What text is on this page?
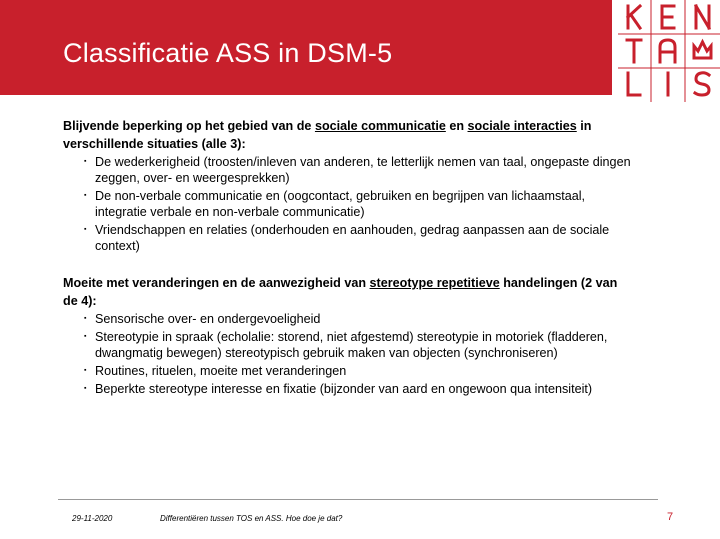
Classificatie ASS in DSM-5
Blijvende beperking op het gebied van de sociale communicatie en sociale interacties in verschillende situaties (alle 3):
▪ De wederkerigheid (troosten/inleven van anderen, te letterlijk nemen van taal, ongepaste dingen zeggen, over- en weergesprekken)
▪ De non-verbale communicatie en (oogcontact, gebruiken en begrijpen van lichaamstaal, integratie verbale en non-verbale communicatie)
▪ Vriendschappen en relaties (onderhouden en aanhouden, gedrag aanpassen aan de sociale context)
Moeite met veranderingen en de aanwezigheid van stereotype repetitieve handelingen (2 van de 4):
▪ Sensorische over- en ondergevoeligheid
▪ Stereotypie in spraak (echolalie: storend, niet afgestemd) stereotypie in motoriek (fladderen, dwangmatig bewegen) stereotypisch gebruik maken van objecten (synchroniseren)
▪ Routines, rituelen, moeite met veranderingen
▪ Beperkte stereotype interesse en fixatie (bijzonder van aard en ongewoon qua intensiteit)
29-11-2020	Differentiëren tussen TOS en ASS. Hoe doe je dat?	7
